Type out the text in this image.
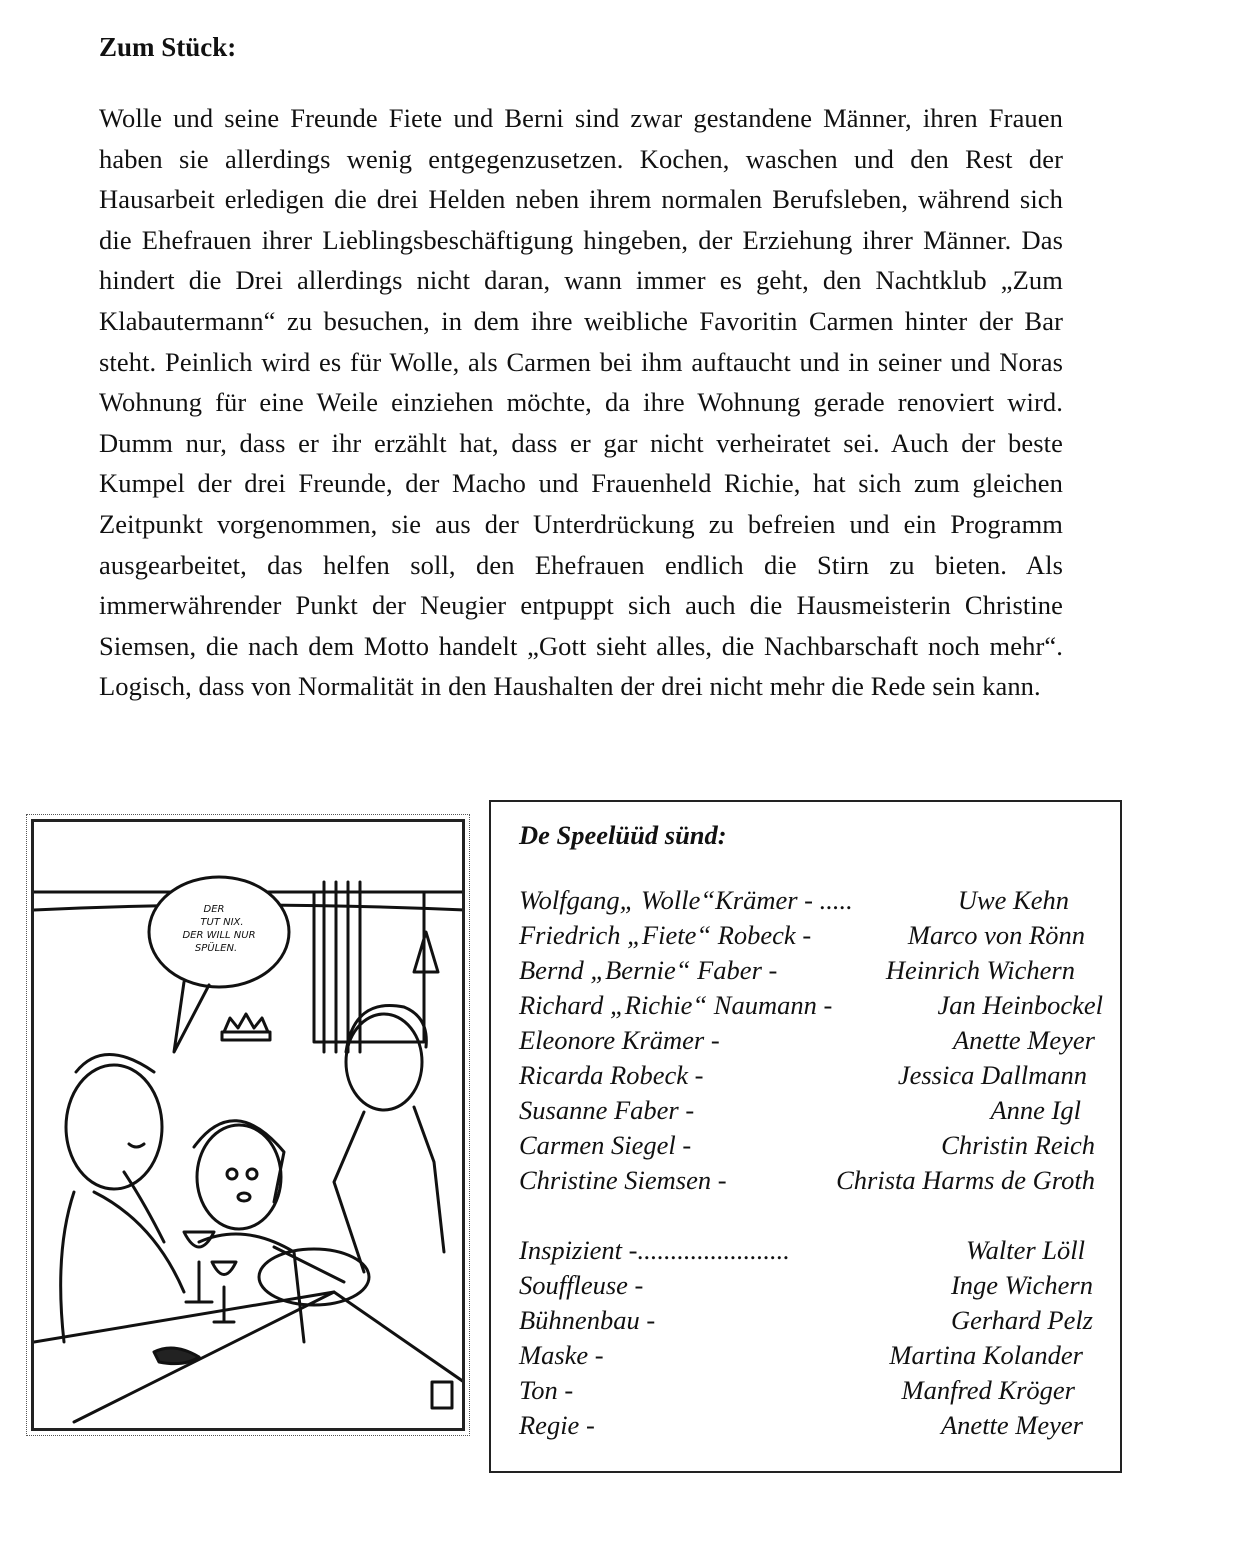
Zum Stück:

Wolle und seine Freunde Fiete und Berni sind zwar gestandene Männer, ihren Frauen haben sie allerdings wenig entgegenzusetzen. Kochen, waschen und den Rest der Hausarbeit erledigen die drei Helden neben ihrem normalen Berufsleben, während sich die Ehefrauen ihrer Lieblingsbeschäftigung hingeben, der Erziehung ihrer Männer. Das hindert die Drei allerdings nicht daran, wann immer es geht, den Nachtklub „Zum Klabautermann“ zu besuchen, in dem ihre weibliche Favoritin Carmen hinter der Bar steht. Peinlich wird es für Wolle, als Carmen bei ihm auftaucht und in seiner und Noras Wohnung für eine Weile einziehen möchte, da ihre Wohnung gerade renoviert wird. Dumm nur, dass er ihr erzählt hat, dass er gar nicht verheiratet sei. Auch der beste Kumpel der drei Freunde, der Macho und Frauenheld Richie, hat sich zum gleichen Zeitpunkt vorgenommen, sie aus der Unterdrückung zu befreien und ein Programm ausgearbeitet, das helfen soll, den Ehefrauen endlich die Stirn zu bieten. Als immerwährender Punkt der Neugier entpuppt sich auch die Hausmeisterin Christine Siemsen, die nach dem Motto handelt „Gott sieht alles, die Nachbarschaft noch mehr“. Logisch, dass von Normalität in den Haushalten der drei nicht mehr die Rede sein kann.

DER
TUT NIX.
DER WILL NUR
SPÜLEN.

De Speelüüd sünd:

Wolfgang„ Wolle“Krämer - .....	Uwe Kehn
Friedrich „Fiete“ Robeck -	Marco von Rönn
Bernd „Bernie“ Faber -	Heinrich Wichern
Richard „Richie“ Naumann -	Jan Heinbockel
Eleonore Krämer -	Anette Meyer
Ricarda Robeck -	Jessica Dallmann
Susanne Faber -	Anne Igl
Carmen Siegel -	Christin Reich
Christine Siemsen -	Christa Harms de Groth
Inspizient -.......................	Walter Löll
Souffleuse -	Inge Wichern
Bühnenbau -	Gerhard Pelz
Maske -	Martina Kolander
Ton -	Manfred Kröger
Regie -	Anette Meyer
